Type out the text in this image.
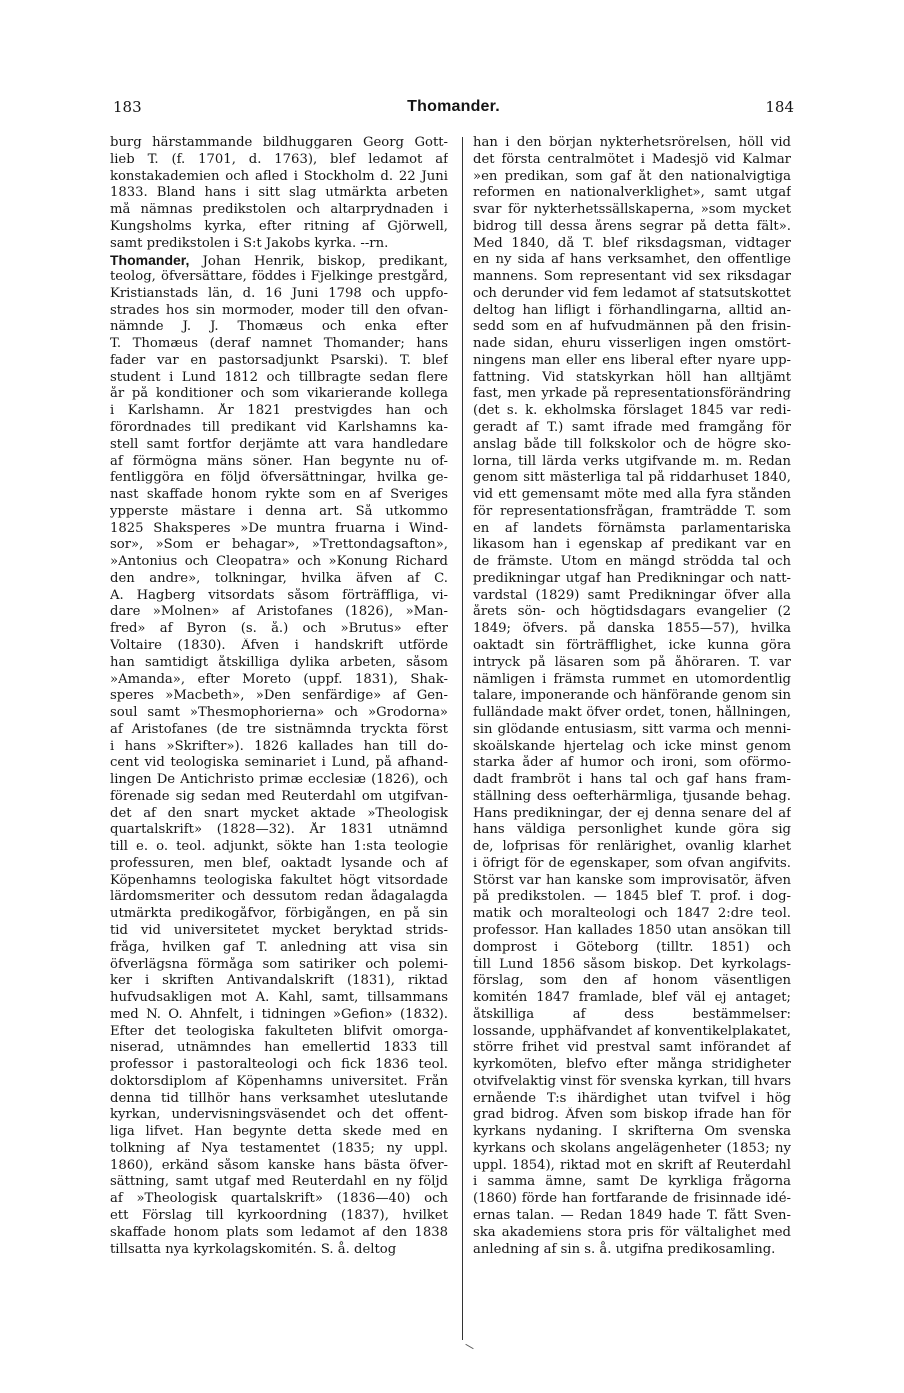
183	Thomander.	184
burg härstammande bildhuggaren Georg Gott-
lieb T. (f. 1701, d. 1763), blef ledamot af
konstakademien och afled i Stockholm d. 22 Juni
1833. Bland hans i sitt slag utmärkta arbeten
må nämnas predikstolen och altarprydnaden i
Kungsholms kyrka, efter ritning af Gjörwell,
samt predikstolen i S:t Jakobs kyrka. --rn.
Thomander, Johan Henrik, biskop, predikant,
teolog, öfversättare, föddes i Fjelkinge prestgård,
Kristianstads län, d. 16 Juni 1798 och uppfo-
strades hos sin mormoder, moder till den ofvan-
nämnde J. J. Thomæus och enka efter
T. Thomæus (deraf namnet Thomander; hans
fader var en pastorsadjunkt Psarski). T. blef
student i Lund 1812 och tillbragte sedan flere
år på konditioner och som vikarierande kollega
i Karlshamn. År 1821 prestvigdes han och
förordnades till predikant vid Karlshamns ka-
stell samt fortfor derjämte att vara handledare
af förmögna mäns söner. Han begynte nu of-
fentliggöra en följd öfversättningar, hvilka ge-
nast skaffade honom rykte som en af Sveriges
ypperste mästare i denna art. Så utkommo
1825 Shaksperes »De muntra fruarna i Wind-
sor», »Som er behagar», »Trettondagsafton»,
»Antonius och Cleopatra» och »Konung Richard
den andre», tolkningar, hvilka äfven af C.
A. Hagberg vitsordats såsom förträffliga, vi-
dare »Molnen» af Aristofanes (1826), »Man-
fred» af Byron (s. å.) och »Brutus» efter
Voltaire (1830). Äfven i handskrift utförde
han samtidigt åtskilliga dylika arbeten, såsom
»Amanda», efter Moreto (uppf. 1831), Shak-
speres »Macbeth», »Den senfärdige» af Gen-
soul samt »Thesmophorierna» och »Grodorna»
af Aristofanes (de tre sistnämnda tryckta först
i hans »Skrifter»). 1826 kallades han till do-
cent vid teologiska seminariet i Lund, på afhand-
lingen De Antichristo primæ ecclesiæ (1826), och
förenade sig sedan med Reuterdahl om utgifvan-
det af den snart mycket aktade »Theologisk
quartalskrift» (1828—32). År 1831 utnämnd
till e. o. teol. adjunkt, sökte han 1:sta teologie
professuren, men blef, oaktadt lysande och af
Köpenhamns teologiska fakultet högt vitsordade
lärdomsmeriter och dessutom redan ådagalagda
utmärkta predikogåfvor, förbigången, en på sin
tid vid universitetet mycket beryktad strids-
fråga, hvilken gaf T. anledning att visa sin
öfverlägsna förmåga som satiriker och polemi-
ker i skriften Antivandalskrift (1831), riktad
hufvudsakligen mot A. Kahl, samt, tillsammans
med N. O. Ahnfelt, i tidningen »Gefion» (1832).
Efter det teologiska fakulteten blifvit omorga-
niserad, utnämndes han emellertid 1833 till
professor i pastoralteologi och fick 1836 teol.
doktorsdiplom af Köpenhamns universitet. Från
denna tid tillhör hans verksamhet uteslutande
kyrkan, undervisningsväsendet och det offent-
liga lifvet. Han begynte detta skede med en
tolkning af Nya testamentet (1835; ny uppl.
1860), erkänd såsom kanske hans bästa öfver-
sättning, samt utgaf med Reuterdahl en ny följd
af »Theologisk quartalskrift» (1836—40) och
ett Förslag till kyrkoordning (1837), hvilket
skaffade honom plats som ledamot af den 1838
tillsatta nya kyrkolagskomitén. S. å. deltog
han i den början nykterhetsrörelsen, höll vid
det första centralmötet i Madesjö vid Kalmar
»en predikan, som gaf åt den nationalvigtiga
reformen en nationalverklighet», samt utgaf
svar för nykterhetssällskaperna, »som mycket
bidrog till dessa årens segrar på detta fält».
Med 1840, då T. blef riksdagsman, vidtager
en ny sida af hans verksamhet, den offentlige
mannens. Som representant vid sex riksdagar
och derunder vid fem ledamot af statsutskottet
deltog han lifligt i förhandlingarna, alltid an-
sedd som en af hufvudmännen på den frisin-
nade sidan, ehuru visserligen ingen omstört-
ningens man eller ens liberal efter nyare upp-
fattning. Vid statskyrkan höll han alltjämt
fast, men yrkade på representationsförändring
(det s. k. ekholmska förslaget 1845 var redi-
geradt af T.) samt ifrade med framgång för
anslag både till folkskolor och de högre sko-
lorna, till lärda verks utgifvande m. m. Redan
genom sitt mästerliga tal på riddarhuset 1840,
vid ett gemensamt möte med alla fyra stånden
för representationsfrågan, framträdde T. som
en af landets förnämsta parlamentariska
likasom han i egenskap af predikant var en
de främste. Utom en mängd strödda tal och
predikningar utgaf han Predikningar och natt-
vardstal (1829) samt Predikningar öfver alla
årets sön- och högtidsdagars evangelier (2
1849; öfvers. på danska 1855—57), hvilka
oaktadt sin förträfflighet, icke kunna göra
intryck på läsaren som på åhöraren. T. var
nämligen i främsta rummet en utomordentlig
talare, imponerande och hänförande genom sin
fulländade makt öfver ordet, tonen, hållningen,
sin glödande entusiasm, sitt varma och menni-
skoälskande hjertelag och icke minst genom
starka åder af humor och ironi, som oförmo-
dadt frambröt i hans tal och gaf hans fram-
ställning dess oefterhärmliga, tjusande behag.
Hans predikningar, der ej denna senare del af
hans väldiga personlighet kunde göra sig
de, lofprisas för renlärighet, ovanlig klarhet
i öfrigt för de egenskaper, som ofvan angifvits.
Störst var han kanske som improvisatör, äfven
på predikstolen. — 1845 blef T. prof. i dog-
matik och moralteologi och 1847 2:dre teol.
professor. Han kallades 1850 utan ansökan till
domprost i Göteborg (tilltr. 1851) och
till Lund 1856 såsom biskop. Det kyrkolags-
förslag, som den af honom väsentligen
komitén 1847 framlade, blef väl ej antaget;
åtskilliga af dess bestämmelser:
lossande, upphäfvandet af konventikelplakatet,
större frihet vid prestval samt införandet af
kyrkomöten, blefvo efter många stridigheter
otvifvelaktig vinst för svenska kyrkan, till hvars
ernående T:s ihärdighet utan tvifvel i hög
grad bidrog. Äfven som biskop ifrade han för
kyrkans nydaning. I skrifterna Om svenska
kyrkans och skolans angelägenheter (1853; ny
uppl. 1854), riktad mot en skrift af Reuterdahl
i samma ämne, samt De kyrkliga frågorna
(1860) förde han fortfarande de frisinnade idé-
ernas talan. — Redan 1849 hade T. fått Sven-
ska akademiens stora pris för vältalighet med
anledning af sin s. å. utgifna predikosamling.
